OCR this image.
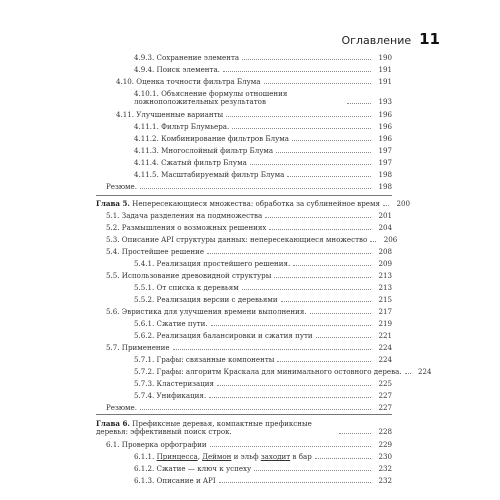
Оглавление 11
4.9.3. Сохранение элемента	190
4.9.4. Поиск элемента.	191
4.10. Оценка точности фильтра Блума	191
4.10.1. Объяснение формулы отношения ложноположительных результатов	193
4.11. Улучшенные варианты	196
4.11.1. Фильтр Блумьера.	196
4.11.2. Комбинирование фильтров Блума	196
4.11.3. Многослойный фильтр Блума	197
4.11.4. Сжатый фильтр Блума	197
4.11.5. Масштабируемый фильтр Блума	198
Резюме.	198
Глава 5. Непересекающиеся множества: обработка за сублинейное время	200
5.1. Задача разделения на подмножества	201
5.2. Размышления о возможных решениях	204
5.3. Описание API структуры данных: непересекающиеся множество	206
5.4. Простейшее решение	208
5.4.1. Реализация простейшего решения.	209
5.5. Использование древовидной структуры	213
5.5.1. От списка к деревьям	213
5.5.2. Реализация версии с деревьями	215
5.6. Эвристика для улучшения времени выполнения.	217
5.6.1. Сжатие пути.	219
5.6.2. Реализация балансировки и сжатия пути	221
5.7. Применение	224
5.7.1. Графы: связанные компоненты	224
5.7.2. Графы: алгоритм Краскала для минимального остовного дерева.	224
5.7.3. Кластеризация	225
5.7.4. Унификация.	227
Резюме.	227
Глава 6. Префиксные деревья, компактные префиксные деревья: эффективный поиск строк.	228
6.1. Проверка орфографии	229
6.1.1. Принцесса, Деймон и эльф заходит в бар	230
6.1.2. Сжатие — ключ к успеху	232
6.1.3. Описание и API	232
